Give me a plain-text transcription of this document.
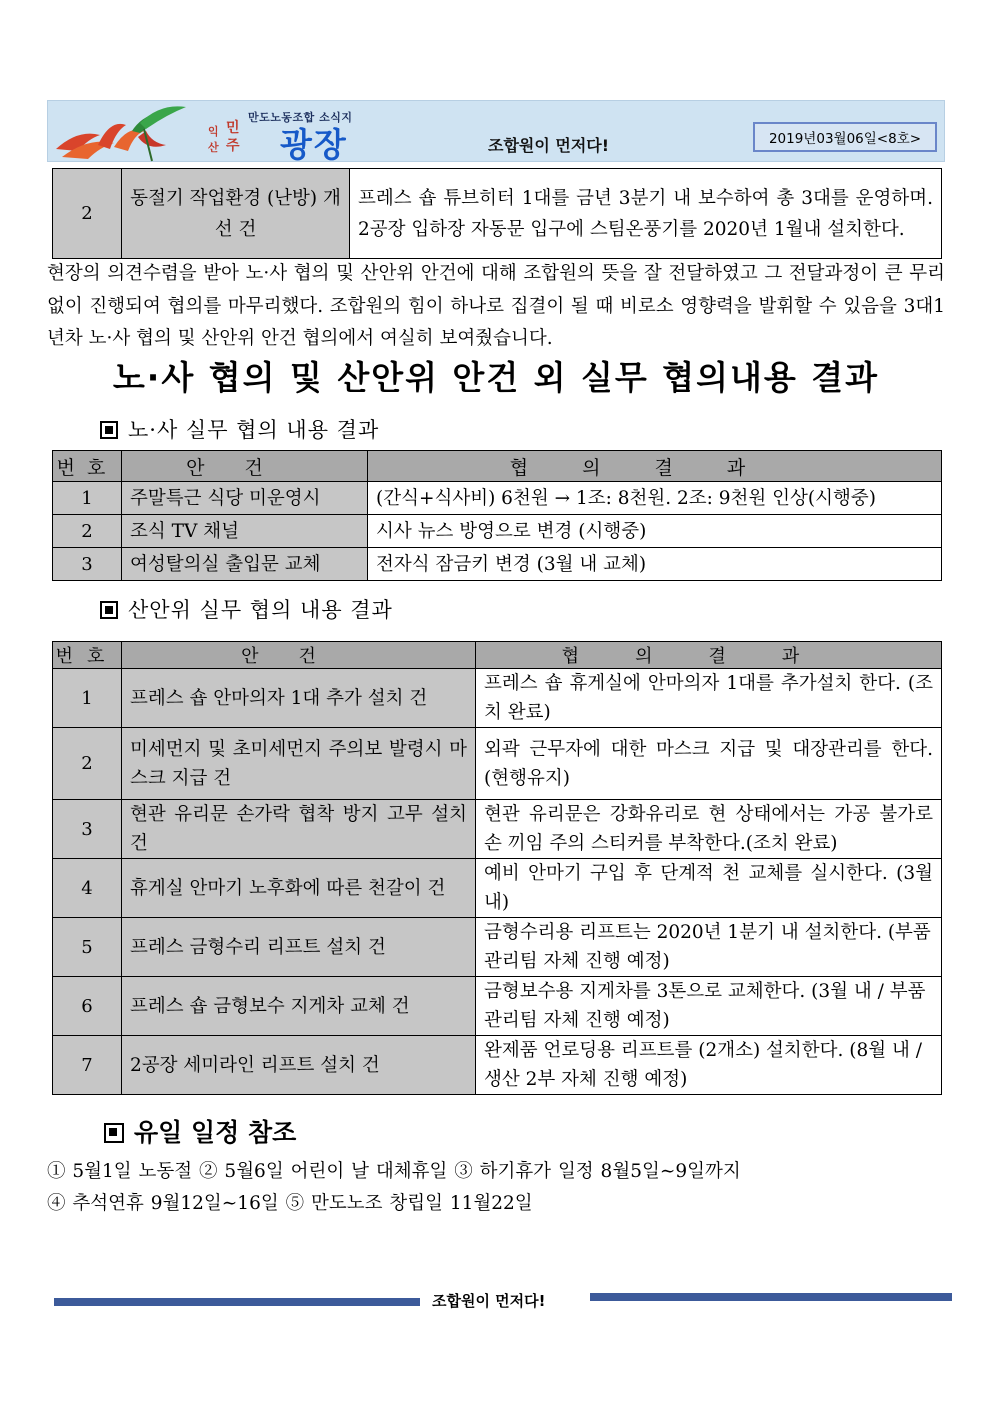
만도노동조합 소식지
익
산
민
주 광장	조합원이 먼저다!	2019년03월06일<8호>
2	동절기 작업환경 (난방) 개선 건	프레스 숍 튜브히터 1대를 금년 3분기 내 보수하여 총 3대를 운영하며. 2공장 입하장 자동문 입구에 스팀온풍기를 2020년 1월내 설치한다.
현장의 의견수렴을 받아 노·사 협의 및 산안위 안건에 대해 조합원의 뜻을 잘 전달하였고 그 전달과정이 큰 무리 없이 진행되여 협의를 마무리했다. 조합원의 힘이 하나로 집결이 될 때 비로소 영향력을 발휘할 수 있음을 3대1년차 노·사 협의 및 산안위 안건 협의에서 여실히 보여줬습니다.
노·사 협의 및 산안위 안건 외 실무 협의내용 결과
노·사 실무 협의 내용 결과
번호	안건	협의결과
1	주말특근 식당 미운영시	(간식+식사비) 6천원 → 1조: 8천원. 2조: 9천원 인상(시행중)
2	조식 TV 채널	시사 뉴스 방영으로 변경 (시행중)
3	여성탈의실 출입문 교체	전자식 잠금키 변경 (3월 내 교체)
산안위 실무 협의 내용 결과
번호	안건	협의결과
1	프레스 숍 안마의자 1대 추가 설치 건	프레스 숍 휴게실에 안마의자 1대를 추가설치 한다. (조치 완료)
2	미세먼지 및 초미세먼지 주의보 발령시 마스크 지급 건	외곽 근무자에 대한 마스크 지급 및 대장관리를 한다. (현행유지)
3	현관 유리문 손가락 협착 방지 고무 설치 건	현관 유리문은 강화유리로 현 상태에서는 가공 불가로 손 끼임 주의 스티커를 부착한다.(조치 완료)
4	휴게실 안마기 노후화에 따른 천갈이 건	예비 안마기 구입 후 단계적 천 교체를 실시한다. (3월 내)
5	프레스 금형수리 리프트 설치 건	금형수리용 리프트는 2020년 1분기 내 설치한다. (부품관리팀 자체 진행 예정)
6	프레스 숍 금형보수 지게차 교체 건	금형보수용 지게차를 3톤으로 교체한다. (3월 내 / 부품관리팀 자체 진행 예정)
7	2공장 세미라인 리프트 설치 건	완제품 언로딩용 리프트를 (2개소) 설치한다. (8월 내 / 생산 2부 자체 진행 예정)
유일 일정 참조
① 5월1일 노동절 ② 5월6일 어린이 날 대체휴일 ③ 하기휴가 일정 8월5일∼9일까지
④ 추석연휴 9월12일∼16일 ⑤ 만도노조 창립일 11월22일
조합원이 먼저다!
